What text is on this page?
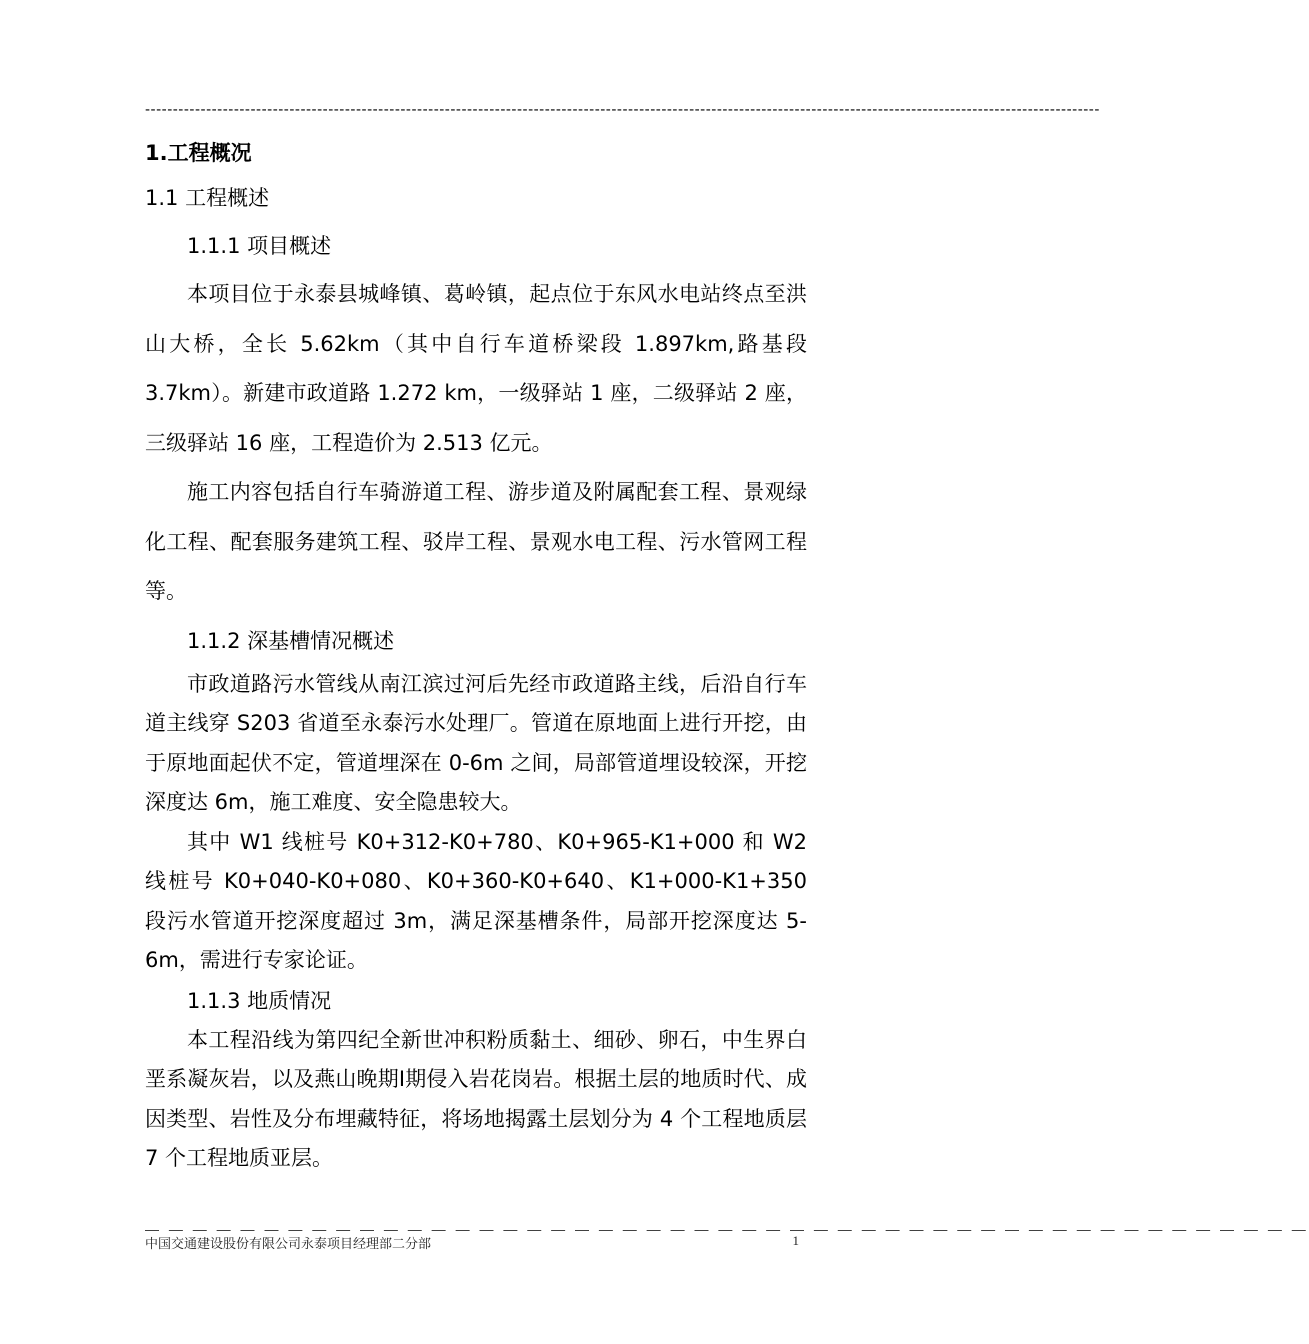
-----
1.工程概况
1.1 工程概述
1.1.1 项目概述

本项目位于永泰县城峰镇、葛岭镇，起点位于东风水电站终点至洪山大桥，全长 5.62km（其中自行车道桥梁段 1.897km,路基段 3.7km）。新建市政道路 1.272 km，一级驿站 1 座，二级驿站 2 座，三级驿站 16 座，工程造价为 2.513 亿元。

施工内容包括自行车骑游道工程、游步道及附属配套工程、景观绿化工程、配套服务建筑工程、驳岸工程、景观水电工程、污水管网工程等。

1.1.2 深基槽情况概述

市政道路污水管线从南江滨过河后先经市政道路主线，后沿自行车道主线穿 S203 省道至永泰污水处理厂。管道在原地面上进行开挖，由于原地面起伏不定，管道埋深在 0-6m 之间，局部管道埋设较深，开挖深度达 6m，施工难度、安全隐患较大。

其中 W1 线桩号 K0+312-K0+780、K0+965-K1+000 和 W2 线桩号 K0+040-K0+080、K0+360-K0+640、K1+000-K1+350 段污水管道开挖深度超过 3m，满足深基槽条件，局部开挖深度达 5-6m，需进行专家论证。

1.1.3 地质情况

本工程沿线为第四纪全新世冲积粉质黏土、细砂、卵石，中生界白垩系凝灰岩，以及燕山晚期Ⅰ期侵入岩花岗岩。根据土层的地质时代、成因类型、岩性及分布埋藏特征，将场地揭露土层划分为 4 个工程地质层 7 个工程地质亚层。

— — — — — — — — — — — — — — — — — — — — — — — — — — — — — — — — — — — — — — — — — — — — — — — — —
中国交通建设股份有限公司永泰项目经理部二分部	1
